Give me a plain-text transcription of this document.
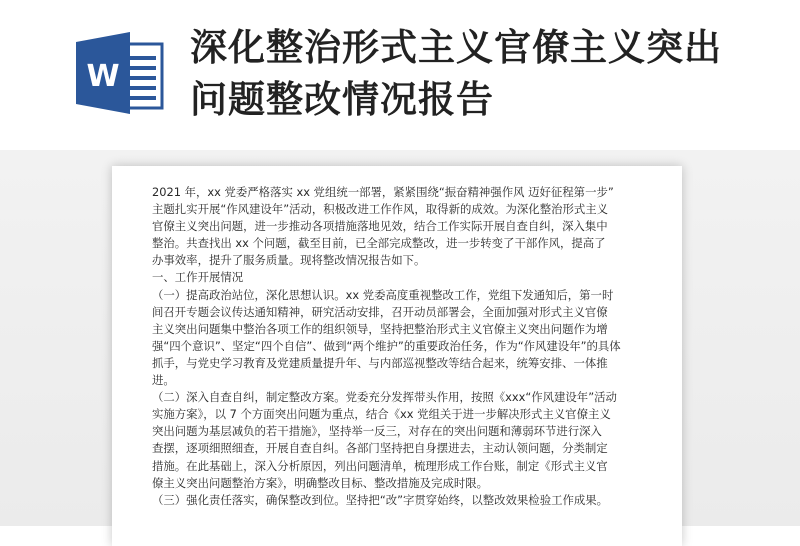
W
深化整治形式主义官僚主义突出
问题整改情况报告
2021 年，xx 党委严格落实 xx 党组统一部署，紧紧围绕“振奋精神强作风 迈好征程第一步”
主题扎实开展“作风建设年”活动，积极改进工作作风，取得新的成效。为深化整治形式主义
官僚主义突出问题，进一步推动各项措施落地见效，结合工作实际开展自查自纠，深入集中
整治。共查找出 xx 个问题，截至目前，已全部完成整改，进一步转变了干部作风，提高了
办事效率，提升了服务质量。现将整改情况报告如下。
一、工作开展情况
（一）提高政治站位，深化思想认识。xx 党委高度重视整改工作，党组下发通知后，第一时
间召开专题会议传达通知精神，研究活动安排，召开动员部署会，全面加强对形式主义官僚
主义突出问题集中整治各项工作的组织领导，坚持把整治形式主义官僚主义突出问题作为增
强“四个意识”、坚定“四个自信”、做到“两个维护”的重要政治任务，作为“作风建设年”的具体
抓手，与党史学习教育及党建质量提升年、与内部巡视整改等结合起来，统筹安排、一体推
进。
（二）深入自查自纠，制定整改方案。党委充分发挥带头作用，按照《xxx“作风建设年”活动
实施方案》，以 7 个方面突出问题为重点，结合《xx 党组关于进一步解决形式主义官僚主义
突出问题为基层减负的若干措施》，坚持举一反三，对存在的突出问题和薄弱环节进行深入
查摆，逐项细照细查，开展自查自纠。各部门坚持把自身摆进去，主动认领问题，分类制定
措施。在此基础上，深入分析原因，列出问题清单，梳理形成工作台账，制定《形式主义官
僚主义突出问题整治方案》，明确整改目标、整改措施及完成时限。
（三）强化责任落实，确保整改到位。坚持把“改”字贯穿始终，以整改效果检验工作成果。
